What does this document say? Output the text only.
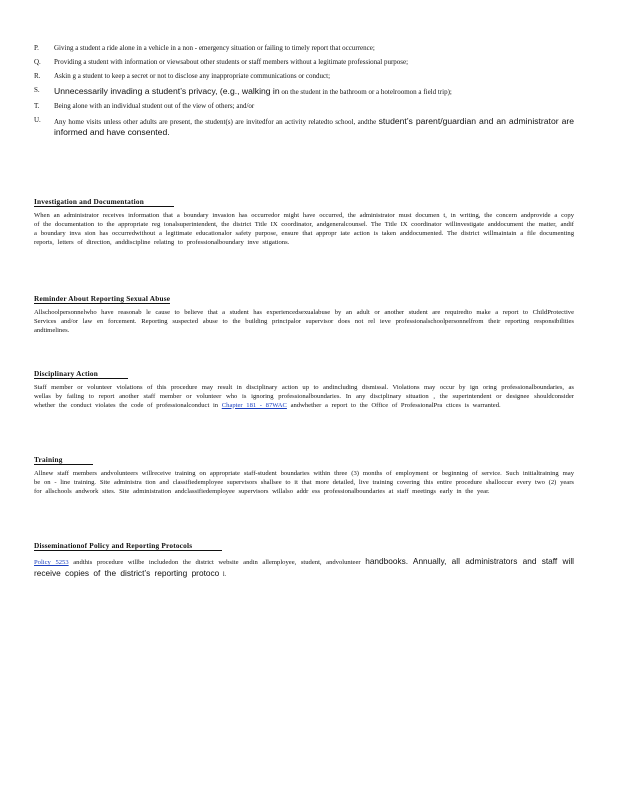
P.	Giving a student a ride alone in a vehicle in a non - emergency situation or failing to timely report that occurrence;
Q.	Providing a student with information or viewsabout other students or staff members without a legitimate professional purpose;
R.	Askin g a student to keep a secret or not to disclose any inappropriate communications or conduct;
S.	Unnecessarily invading a student’s privacy, (e.g., walking in on the student in the bathroom or a hotelroomon a field trip);
T.	Being alone with an individual student out of the view of others; and/or
U.	Any home visits unless other adults are present, the student(s) are invitedfor an activity relatedto school, andthe student’s parent/guardian and an administrator are informed and have consented.
Investigation and Documentation
When an administrator receives information that a boundary invasion has occurredor might have occurred, the administrator must documen t, in writing, the concern andprovide a copy of the documentation to the appropriate reg ionalsuperintendent, the district Title IX coordinator, andgeneralcounsel. The Title IX coordinator willinvestigate anddocument the matter, andif a boundary inva sion has occurredwithout a legitimate educationalor safety purpose, ensure that appropr iate action is taken anddocumented. The district willmaintain a file documenting reports, letters of direction, anddiscipline relating to professionalboundary inve stigations.
Reminder About Reporting Sexual Abuse
Allschoolpersonnelwho have reasonab le cause to believe that a student has experiencedsexualabuse by an adult or another student are requiredto make a report to ChildProtective Services and/or law en forcement. Reporting suspected abuse to the building principalor supervisor does not rel ieve professionalschoolpersonnelfrom their reporting responsibilities andtimelines.
Disciplinary Action
Staff member or volunteer violations of this procedure may result in disciplinary action up to andincluding dismissal. Violations may occur by ign oring professionalboundaries, as wellas by failing to report another staff member or volunteer who is ignoring professionalboundaries. In any disciplinary situation , the superintendent or designee shouldconsider whether the conduct violates the code of professionalconduct in Chapter 181 - 87WAC andwhether a report to the Office of ProfessionalPra ctices is warranted.
Training
Allnew staff members andvolunteers willreceive training on appropriate staff-student boundaries within three (3) months of employment or beginning of service. Such initialtraining may be on - line training. Site administra tion and classifiedemployee supervisors shallsee to it that more detailed, live training covering this entire procedure shalloccur every two (2) years for allschools andwork sites. Site administration andclassifiedemployee supervisors willalso addr ess professionalboundaries at staff meetings early in the year.
Disseminationof Policy and Reporting Protocols
Policy 5253 andthis procedure willbe includedon the district website andin allemployee, student, andvolunteer handbooks. Annually, all administrators and staff will receive copies of the district’s reporting protoco l.
